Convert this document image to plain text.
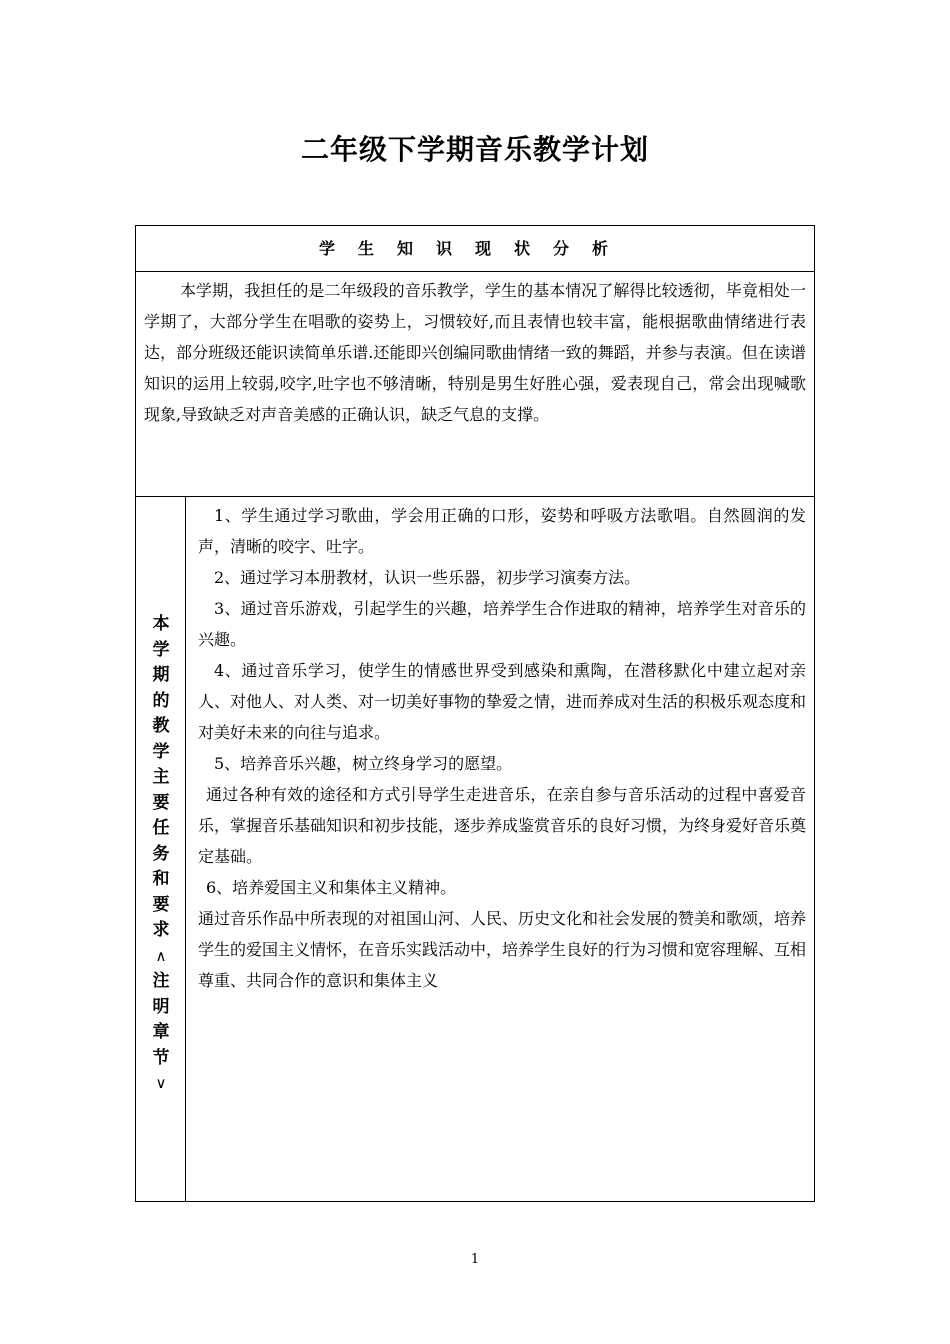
二年级下学期音乐教学计划
学生知识现状分析

本学期，我担任的是二年级段的音乐教学，学生的基本情况了解得比较透彻，毕竟相处一学期了，大部分学生在唱歌的姿势上，习惯较好,而且表情也较丰富，能根据歌曲情绪进行表达，部分班级还能识读简单乐谱.还能即兴创编同歌曲情绪一致的舞蹈，并参与表演。但在读谱知识的运用上较弱,咬字,吐字也不够清晰，特别是男生好胜心强，爱表现自己，常会出现喊歌现象,导致缺乏对声音美感的正确认识，缺乏气息的支撑。

本
学
期
的
教
学
主
要
任
务
和
要
求
∧
注
明
章
节
∨

1、学生通过学习歌曲，学会用正确的口形，姿势和呼吸方法歌唱。自然圆润的发声，清晰的咬字、吐字。

2、通过学习本册教材，认识一些乐器，初步学习演奏方法。

3、通过音乐游戏，引起学生的兴趣，培养学生合作进取的精神，培养学生对音乐的兴趣。

4、通过音乐学习，使学生的情感世界受到感染和熏陶，在潜移默化中建立起对亲人、对他人、对人类、对一切美好事物的挚爱之情，进而养成对生活的积极乐观态度和对美好未来的向往与追求。

5、培养音乐兴趣，树立终身学习的愿望。

通过各种有效的途径和方式引导学生走进音乐，在亲自参与音乐活动的过程中喜爱音乐，掌握音乐基础知识和初步技能，逐步养成鉴赏音乐的良好习惯，为终身爱好音乐奠定基础。

6、培养爱国主义和集体主义精神。

通过音乐作品中所表现的对祖国山河、人民、历史文化和社会发展的赞美和歌颂，培养学生的爱国主义情怀，在音乐实践活动中，培养学生良好的行为习惯和宽容理解、互相尊重、共同合作的意识和集体主义

1
